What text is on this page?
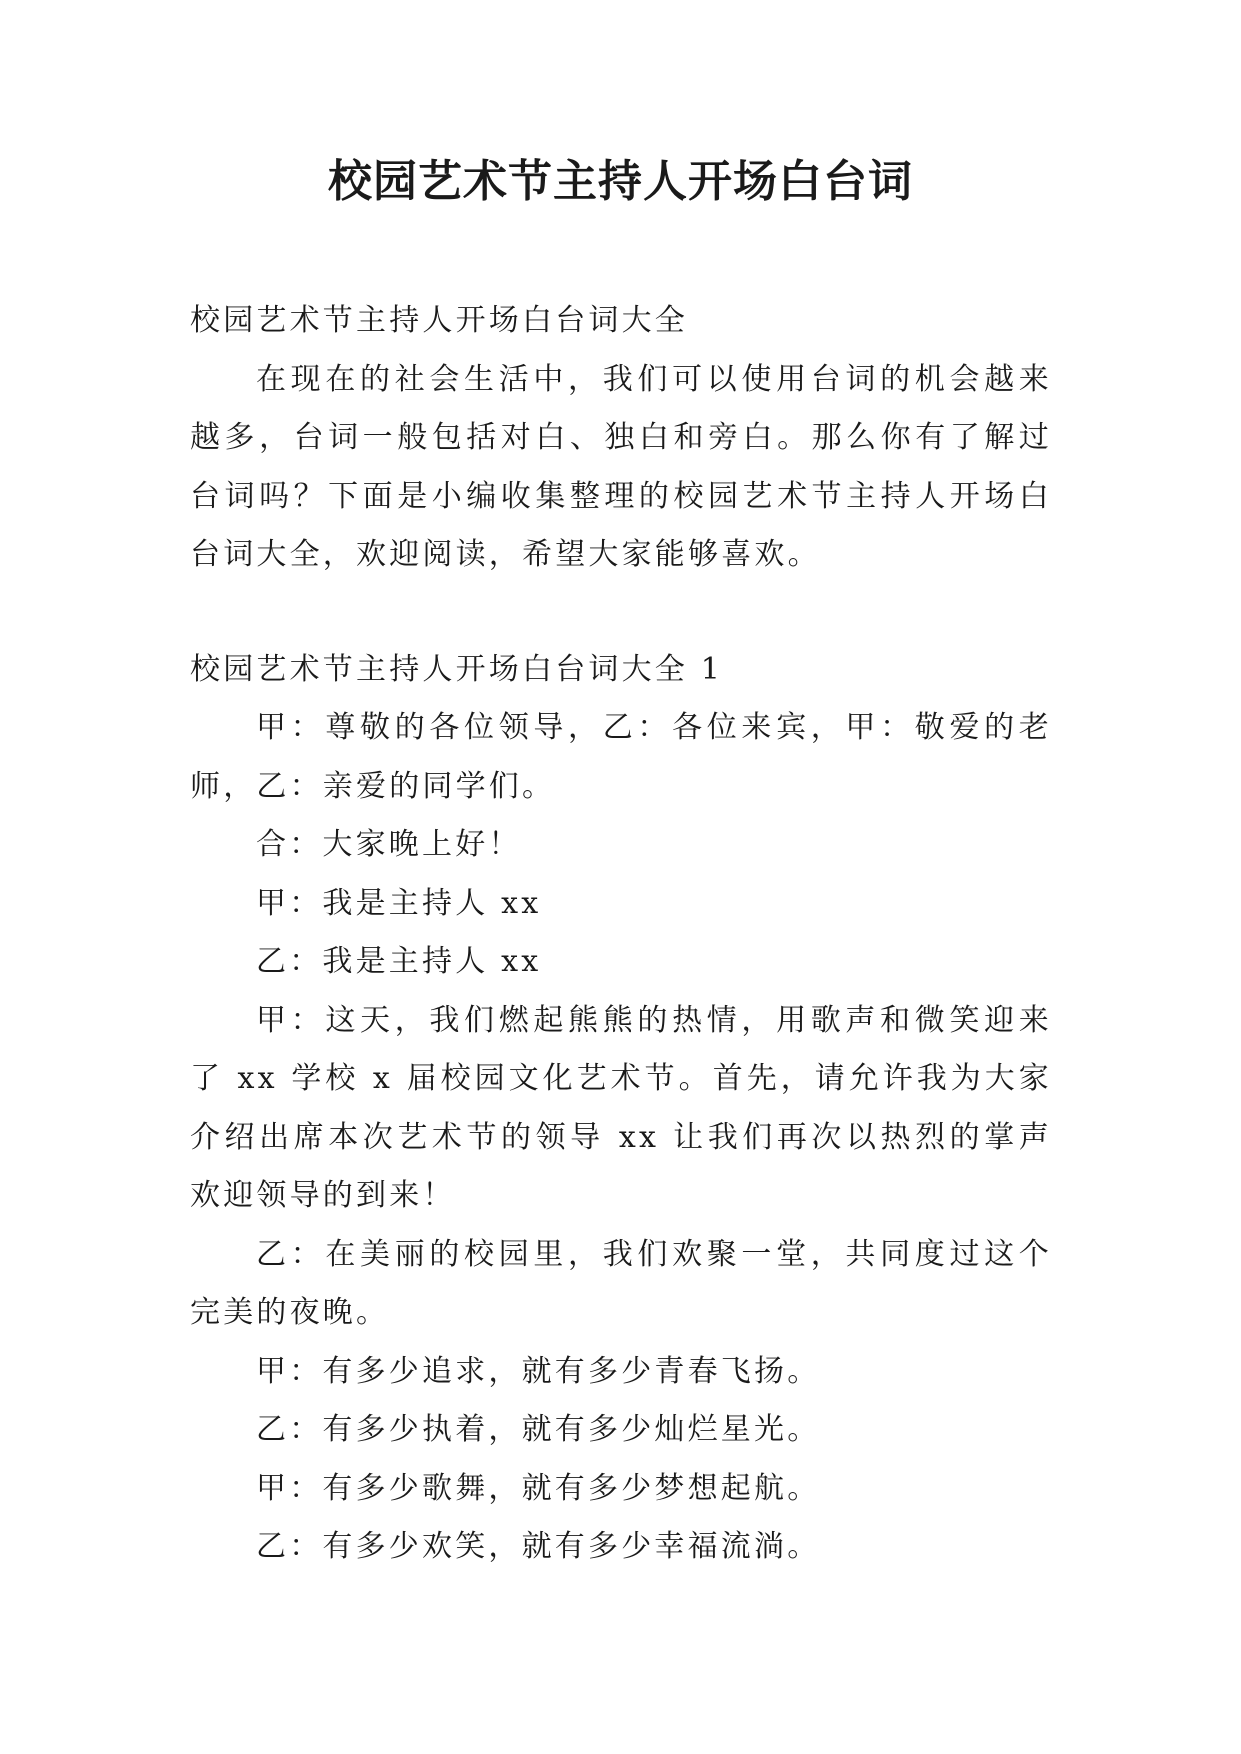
校园艺术节主持人开场白台词

校园艺术节主持人开场白台词大全

在现在的社会生活中，我们可以使用台词的机会越来越多，台词一般包括对白、独白和旁白。那么你有了解过台词吗？下面是小编收集整理的校园艺术节主持人开场白台词大全，欢迎阅读，希望大家能够喜欢。

校园艺术节主持人开场白台词大全 1

甲：尊敬的各位领导，乙：各位来宾，甲：敬爱的老师，乙：亲爱的同学们。

合：大家晚上好！

甲：我是主持人 xx

乙：我是主持人 xx

甲：这天，我们燃起熊熊的热情，用歌声和微笑迎来了 xx 学校 x 届校园文化艺术节。首先，请允许我为大家介绍出席本次艺术节的领导 xx 让我们再次以热烈的掌声欢迎领导的到来！

乙：在美丽的校园里，我们欢聚一堂，共同度过这个完美的夜晚。

甲：有多少追求，就有多少青春飞扬。

乙：有多少执着，就有多少灿烂星光。

甲：有多少歌舞，就有多少梦想起航。

乙：有多少欢笑，就有多少幸福流淌。
